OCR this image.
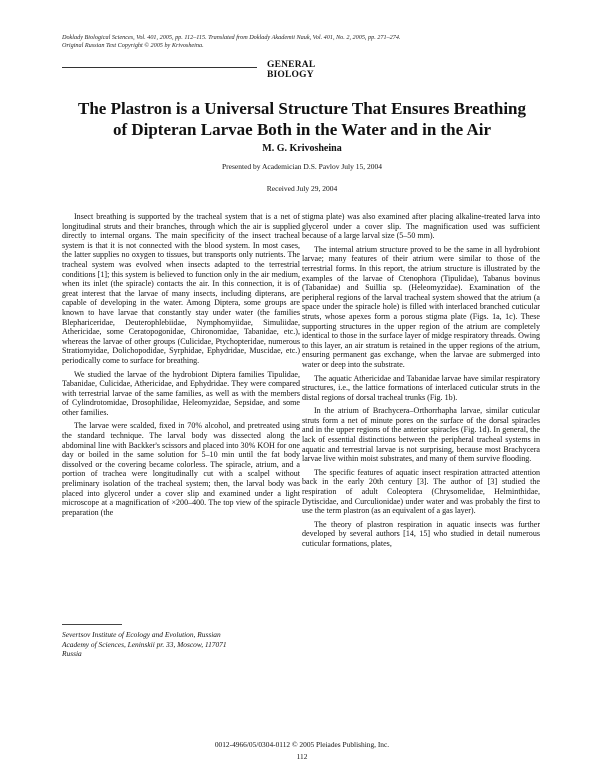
Doklady Biological Sciences, Vol. 401, 2005, pp. 112–115. Translated from Doklady Akademii Nauk, Vol. 401, No. 2, 2005, pp. 271–274.
Original Russian Text Copyright © 2005 by Krivosheina.
GENERAL
BIOLOGY
The Plastron is a Universal Structure That Ensures Breathing
of Dipteran Larvae Both in the Water and in the Air
M. G. Krivosheina
Presented by Academician D.S. Pavlov July 15, 2004
Received July 29, 2004

Insect breathing is supported by the tracheal system that is a net of longitudinal struts and their branches, through which the air is supplied directly to internal organs. The main specificity of the insect tracheal system is that it is not connected with the blood system. In most cases, the latter supplies no oxygen to tissues, but transports only nutrients. The tracheal system was evolved when insects adapted to the terrestrial conditions [1]; this system is believed to function only in the air medium, when its inlet (the spiracle) contacts the air. In this connection, it is of great interest that the larvae of many insects, including dipterans, are capable of developing in the water. Among Diptera, some groups are known to have larvae that constantly stay under water (the families Blephariceridae, Deuterophlebiidae, Nymphomyiidae, Simuliidae, Athericidae, some Ceratopogonidae, Chironomidae, Tabanidae, etc.), whereas the larvae of other groups (Culicidae, Ptychopteridae, numerous Stratiomyidae, Dolichopodidae, Syrphidae, Ephydridae, Muscidae, etc.) periodically come to surface for breathing.

We studied the larvae of the hydrobiont Diptera families Tipulidae, Tabanidae, Culicidae, Athericidae, and Ephydridae. They were compared with terrestrial larvae of the same families, as well as with the members of Cylindrotomidae, Drosophilidae, Heleomyzidae, Sepsidae, and some other families.

The larvae were scalded, fixed in 70% alcohol, and pretreated using the standard technique. The larval body was dissected along the abdominal line with Backker's scissors and placed into 30% KOH for one day or boiled in the same solution for 5–10 min until the fat body dissolved or the covering became colorless. The spiracle, atrium, and a portion of trachea were longitudinally cut with a scalpel without preliminary isolation of the tracheal system; then, the larval body was placed into glycerol under a cover slip and examined under a light microscope at a magnification of ×200–400. The top view of the spiracle preparation (the

stigma plate) was also examined after placing alkaline-treated larva into glycerol under a cover slip. The magnification used was sufficient because of a large larval size (5–50 mm).

The internal atrium structure proved to be the same in all hydrobiont larvae; many features of their atrium were similar to those of the terrestrial forms. In this report, the atrium structure is illustrated by the examples of the larvae of Ctenophora (Tipulidae), Tabanus bovinus (Tabanidae) and Suillia sp. (Heleomyzidae). Examination of the peripheral regions of the larval tracheal system showed that the atrium (a space under the spiracle hole) is filled with interlaced branched cuticular struts, whose apexes form a porous stigma plate (Figs. 1a, 1c). These supporting structures in the upper region of the atrium are completely identical to those in the surface layer of midge respiratory threads. Owing to this layer, an air stratum is retained in the upper regions of the atrium, ensuring permanent gas exchange, when the larvae are submerged into water or deep into the substrate.

The aquatic Athericidae and Tabanidae larvae have similar respiratory structures, i.e., the lattice formations of interlaced cuticular struts in the distal regions of dorsal tracheal trunks (Fig. 1b).

In the atrium of Brachycera–Orthorrhapha larvae, similar cuticular struts form a net of minute pores on the surface of the dorsal spiracles and in the upper regions of the anterior spiracles (Fig. 1d). In general, the lack of essential distinctions between the peripheral tracheal systems in aquatic and terrestrial larvae is not surprising, because most Brachycera larvae live within moist substrates, and many of them survive flooding.

The specific features of aquatic insect respiration attracted attention back in the early 20th century [3]. The author of [3] studied the respiration of adult Coleoptera (Chrysomelidae, Helminthidae, Dytiscidae, and Curculionidae) under water and was probably the first to use the term plastron (as an equivalent of a gas layer).

The theory of plastron respiration in aquatic insects was further developed by several authors [14, 15] who studied in detail numerous cuticular formations, plates,

Severtsov Institute of Ecology and Evolution, Russian
Academy of Sciences, Leninskii pr. 33, Moscow, 117071
Russia
0012-4966/05/0304-0112 © 2005 Pleiades Publishing, Inc.
112
